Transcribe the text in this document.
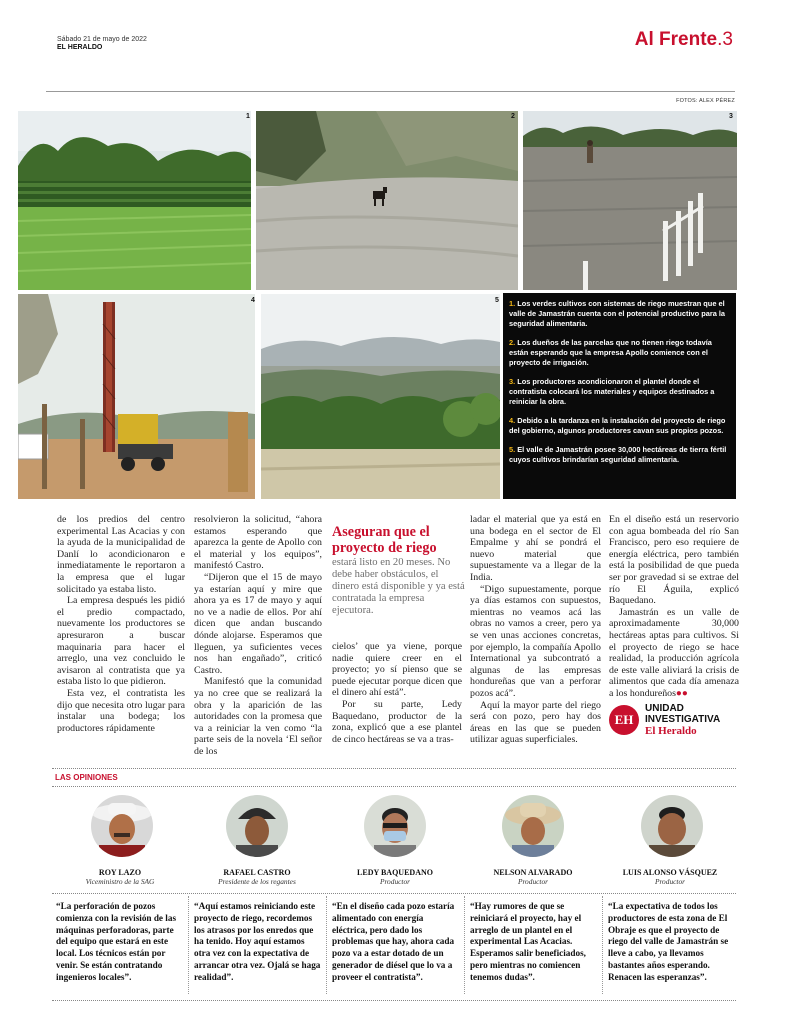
Sábado 21 de mayo de 2022
EL HERALDO	Al Frente.3
FOTOS: ALEX PÉREZ
1	2	3
4	5 1. Los verdes cultivos con sistemas de riego muestran que el valle de Jamastrán cuenta con el potencial productivo para la seguridad alimentaria.

2. Los dueños de las parcelas que no tienen riego todavía están esperando que la empresa Apollo comience con el proyecto de irrigación.

3. Los productores acondicionaron el plantel donde el contratista colocará los materiales y equipos destinados a reiniciar la obra.

4. Debido a la tardanza en la instalación del proyecto de riego del gobierno, algunos productores cavan sus propios pozos.

5. El valle de Jamastrán posee 30,000 hectáreas de tierra fértil cuyos cultivos brindarían seguridad alimentaria.

de los predios del centro experimental Las Acacias y con la ayuda de la municipalidad de Danlí lo acondicionaron e inmediatamente le reportaron a la empresa que el lugar solicitado ya estaba listo.

La empresa después les pidió el predio compactado, nuevamente los productores se apresuraron a buscar maquinaria para hacer el arreglo, una vez concluido le avisaron al contratista que ya estaba listo lo que pidieron.

Esta vez, el contratista les dijo que necesita otro lugar para instalar una bodega; los productores rápidamente

resolvieron la solicitud, “ahora estamos esperando que aparezca la gente de Apollo con el material y los equipos”, manifestó Castro.

“Dijeron que el 15 de mayo ya estarían aquí y mire que ahora ya es 17 de mayo y aquí no ve a nadie de ellos. Por ahí dicen que andan buscando dónde alojarse. Esperamos que lleguen, ya suficientes veces nos han engañado”, criticó Castro.

Manifestó que la comunidad ya no cree que se realizará la obra y la aparición de las autoridades con la promesa que va a reiniciar la ven como “la parte seis de la novela ‘El señor de los

Aseguran que el proyecto de riego
estará listo en 20 meses. No debe haber obstáculos, el dinero está disponible y ya está contratada la empresa ejecutora.

cielos’ que ya viene, porque nadie quiere creer en el proyecto; yo sí pienso que se puede ejecutar porque dicen que el dinero ahí está”.

Por su parte, Ledy Baquedano, productor de la zona, explicó que a ese plantel de cinco hectáreas se va a tras-

ladar el material que ya está en una bodega en el sector de El Empalme y ahí se pondrá el nuevo material que supuestamente va a llegar de la India.

“Digo supuestamente, porque ya días estamos con supuestos, mientras no veamos acá las obras no vamos a creer, pero ya se ven unas acciones concretas, por ejemplo, la compañía Apollo International ya subcontrató a algunas de las empresas hondureñas que van a perforar pozos acá”.

Aquí la mayor parte del riego será con pozo, pero hay dos áreas en las que se pueden utilizar aguas superficiales.

En el diseño está un reservorio con agua bombeada del río San Francisco, pero eso requiere de energía eléctrica, pero también está la posibilidad de que pueda ser por gravedad si se extrae del río El Águila, explicó Baquedano.

Jamastrán es un valle de aproximadamente 30,000 hectáreas aptas para cultivos. Si el proyecto de riego se hace realidad, la producción agrícola de este valle aliviará la crisis de alimentos que cada día amenaza a los hondureños●●

EH
UNIDAD
INVESTIGATIVA
El Heraldo
LAS OPINIONES
ROY LAZO
Viceministro de la SAG
RAFAEL CASTRO
Presidente de los regantes
LEDY BAQUEDANO
Productor
NELSON ALVARADO
Productor
LUIS ALONSO VÁSQUEZ
Productor
“La perforación de pozos comienza con la revisión de las máquinas perforadoras, parte del equipo que estará en este local. Los técnicos están por venir. Se están contratando ingenieros locales”.
“Aquí estamos reiniciando este proyecto de riego, recordemos los atrasos por los enredos que ha tenido. Hoy aquí estamos otra vez con la expectativa de arrancar otra vez. Ojalá se haga realidad”.
“En el diseño cada pozo estaría alimentado con energía eléctrica, pero dado los problemas que hay, ahora cada pozo va a estar dotado de un generador de diésel que lo va a proveer el contratista”.
“Hay rumores de que se reiniciará el proyecto, hay el arreglo de un plantel en el experimental Las Acacias. Esperamos salir beneficiados, pero mientras no comiencen tenemos dudas”.
“La expectativa de todos los productores de esta zona de El Obraje es que el proyecto de riego del valle de Jamastrán se lleve a cabo, ya llevamos bastantes años esperando. Renacen las esperanzas”.
